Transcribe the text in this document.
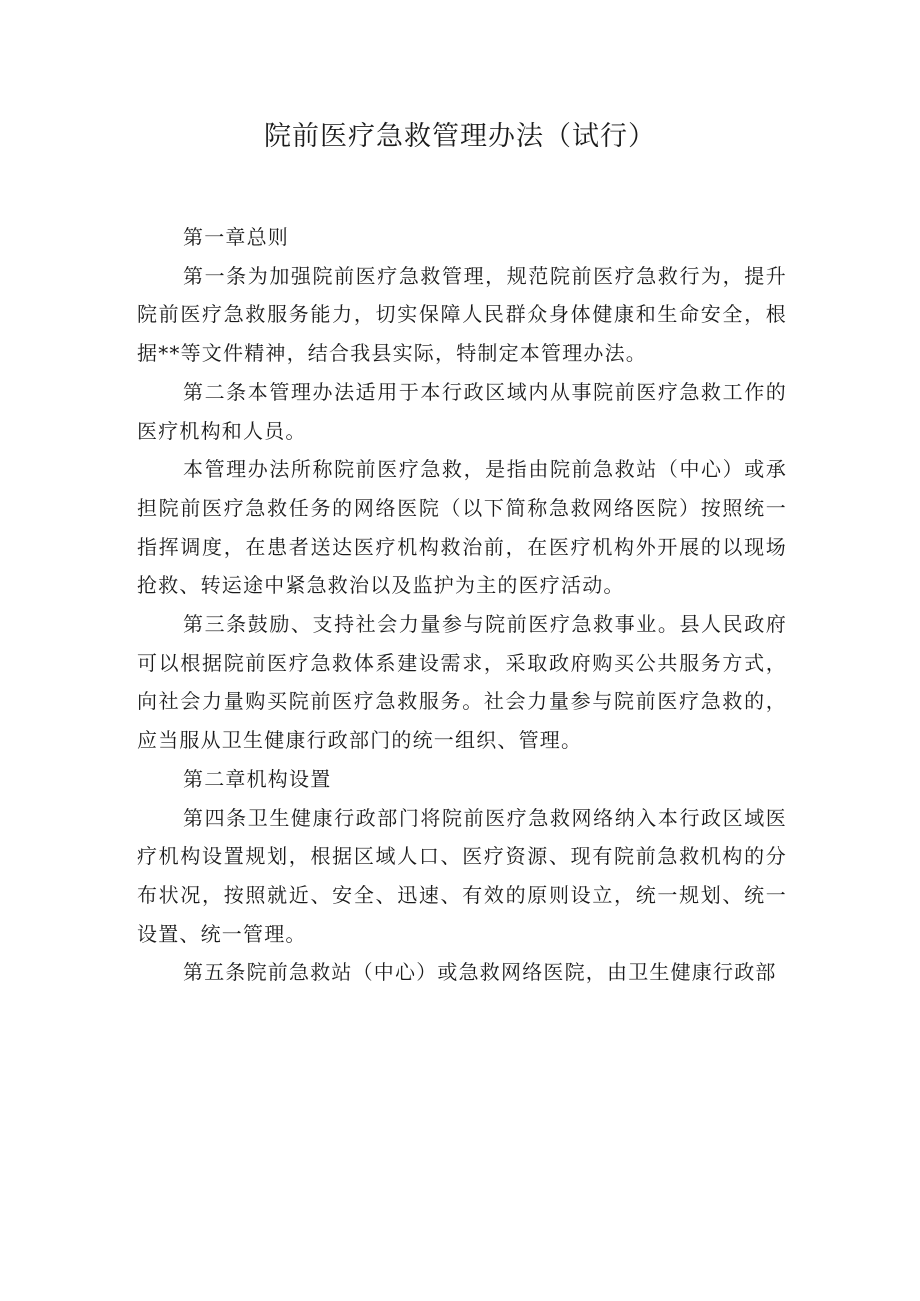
院前医疗急救管理办法（试行）

第一章总则

第一条为加强院前医疗急救管理，规范院前医疗急救行为，提升院前医疗急救服务能力，切实保障人民群众身体健康和生命安全，根据**等文件精神，结合我县实际，特制定本管理办法。

第二条本管理办法适用于本行政区域内从事院前医疗急救工作的医疗机构和人员。

本管理办法所称院前医疗急救，是指由院前急救站（中心）或承担院前医疗急救任务的网络医院（以下简称急救网络医院）按照统一指挥调度，在患者送达医疗机构救治前，在医疗机构外开展的以现场抢救、转运途中紧急救治以及监护为主的医疗活动。

第三条鼓励、支持社会力量参与院前医疗急救事业。县人民政府可以根据院前医疗急救体系建设需求，采取政府购买公共服务方式，向社会力量购买院前医疗急救服务。社会力量参与院前医疗急救的，应当服从卫生健康行政部门的统一组织、管理。

第二章机构设置

第四条卫生健康行政部门将院前医疗急救网络纳入本行政区域医疗机构设置规划，根据区域人口、医疗资源、现有院前急救机构的分布状况，按照就近、安全、迅速、有效的原则设立，统一规划、统一设置、统一管理。

第五条院前急救站（中心）或急救网络医院，由卫生健康行政部
